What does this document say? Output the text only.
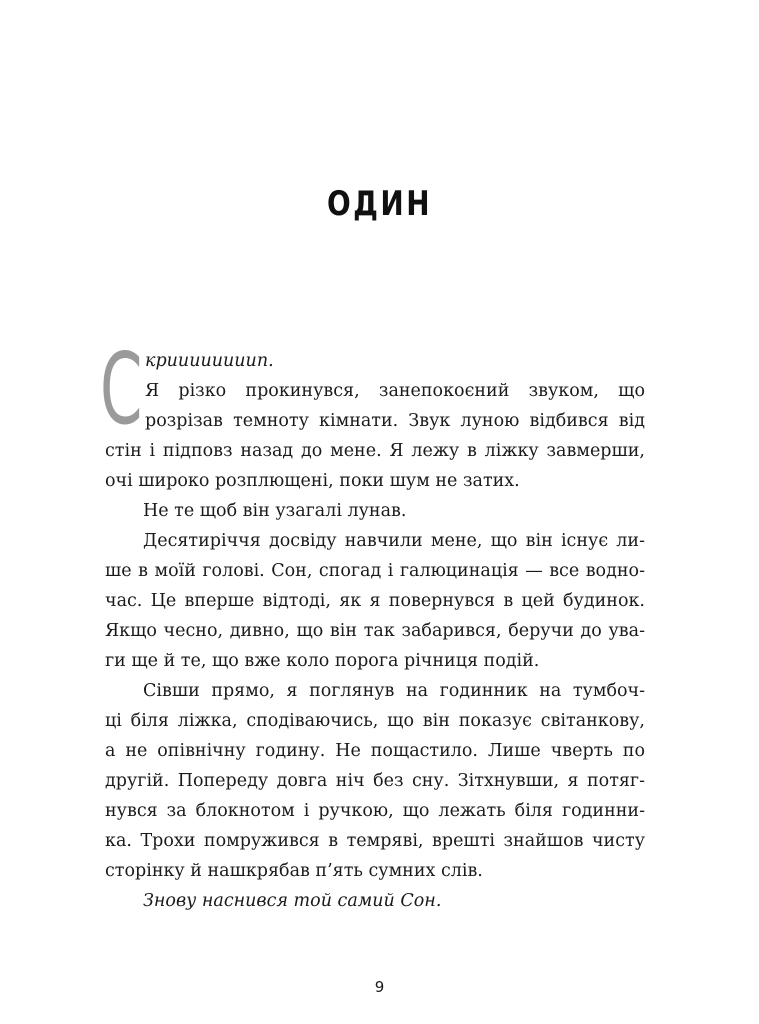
ОДИН
С криииииииип.
Я різко прокинувся, занепокоєний звуком, що
розрізав темноту кімнати. Звук луною відбився від
стін і підповз назад до мене. Я лежу в ліжку завмерши,
очі широко розплющені, поки шум не затих.
Не те щоб він узагалі лунав.
Десятиріччя досвіду навчили мене, що він існує ли-
ше в моїй голові. Сон, спогад і галюцинація — все водно-
час. Це вперше відтоді, як я повернувся в цей будинок.
Якщо чесно, дивно, що він так забарився, беручи до ува-
ги ще й те, що вже коло порога річниця подій.
Сівши прямо, я поглянув на годинник на тумбоч-
ці біля ліжка, сподіваючись, що він показує світанкову,
а не опівнічну годину. Не пощастило. Лише чверть по
другій. Попереду довга ніч без сну. Зітхнувши, я потяг-
нувся за блокнотом і ручкою, що лежать біля годинни-
ка. Трохи помружився в темряві, врешті знайшов чисту
сторінку й нашкрябав п’ять сумних слів.
Знову наснився той самий Сон.
9
